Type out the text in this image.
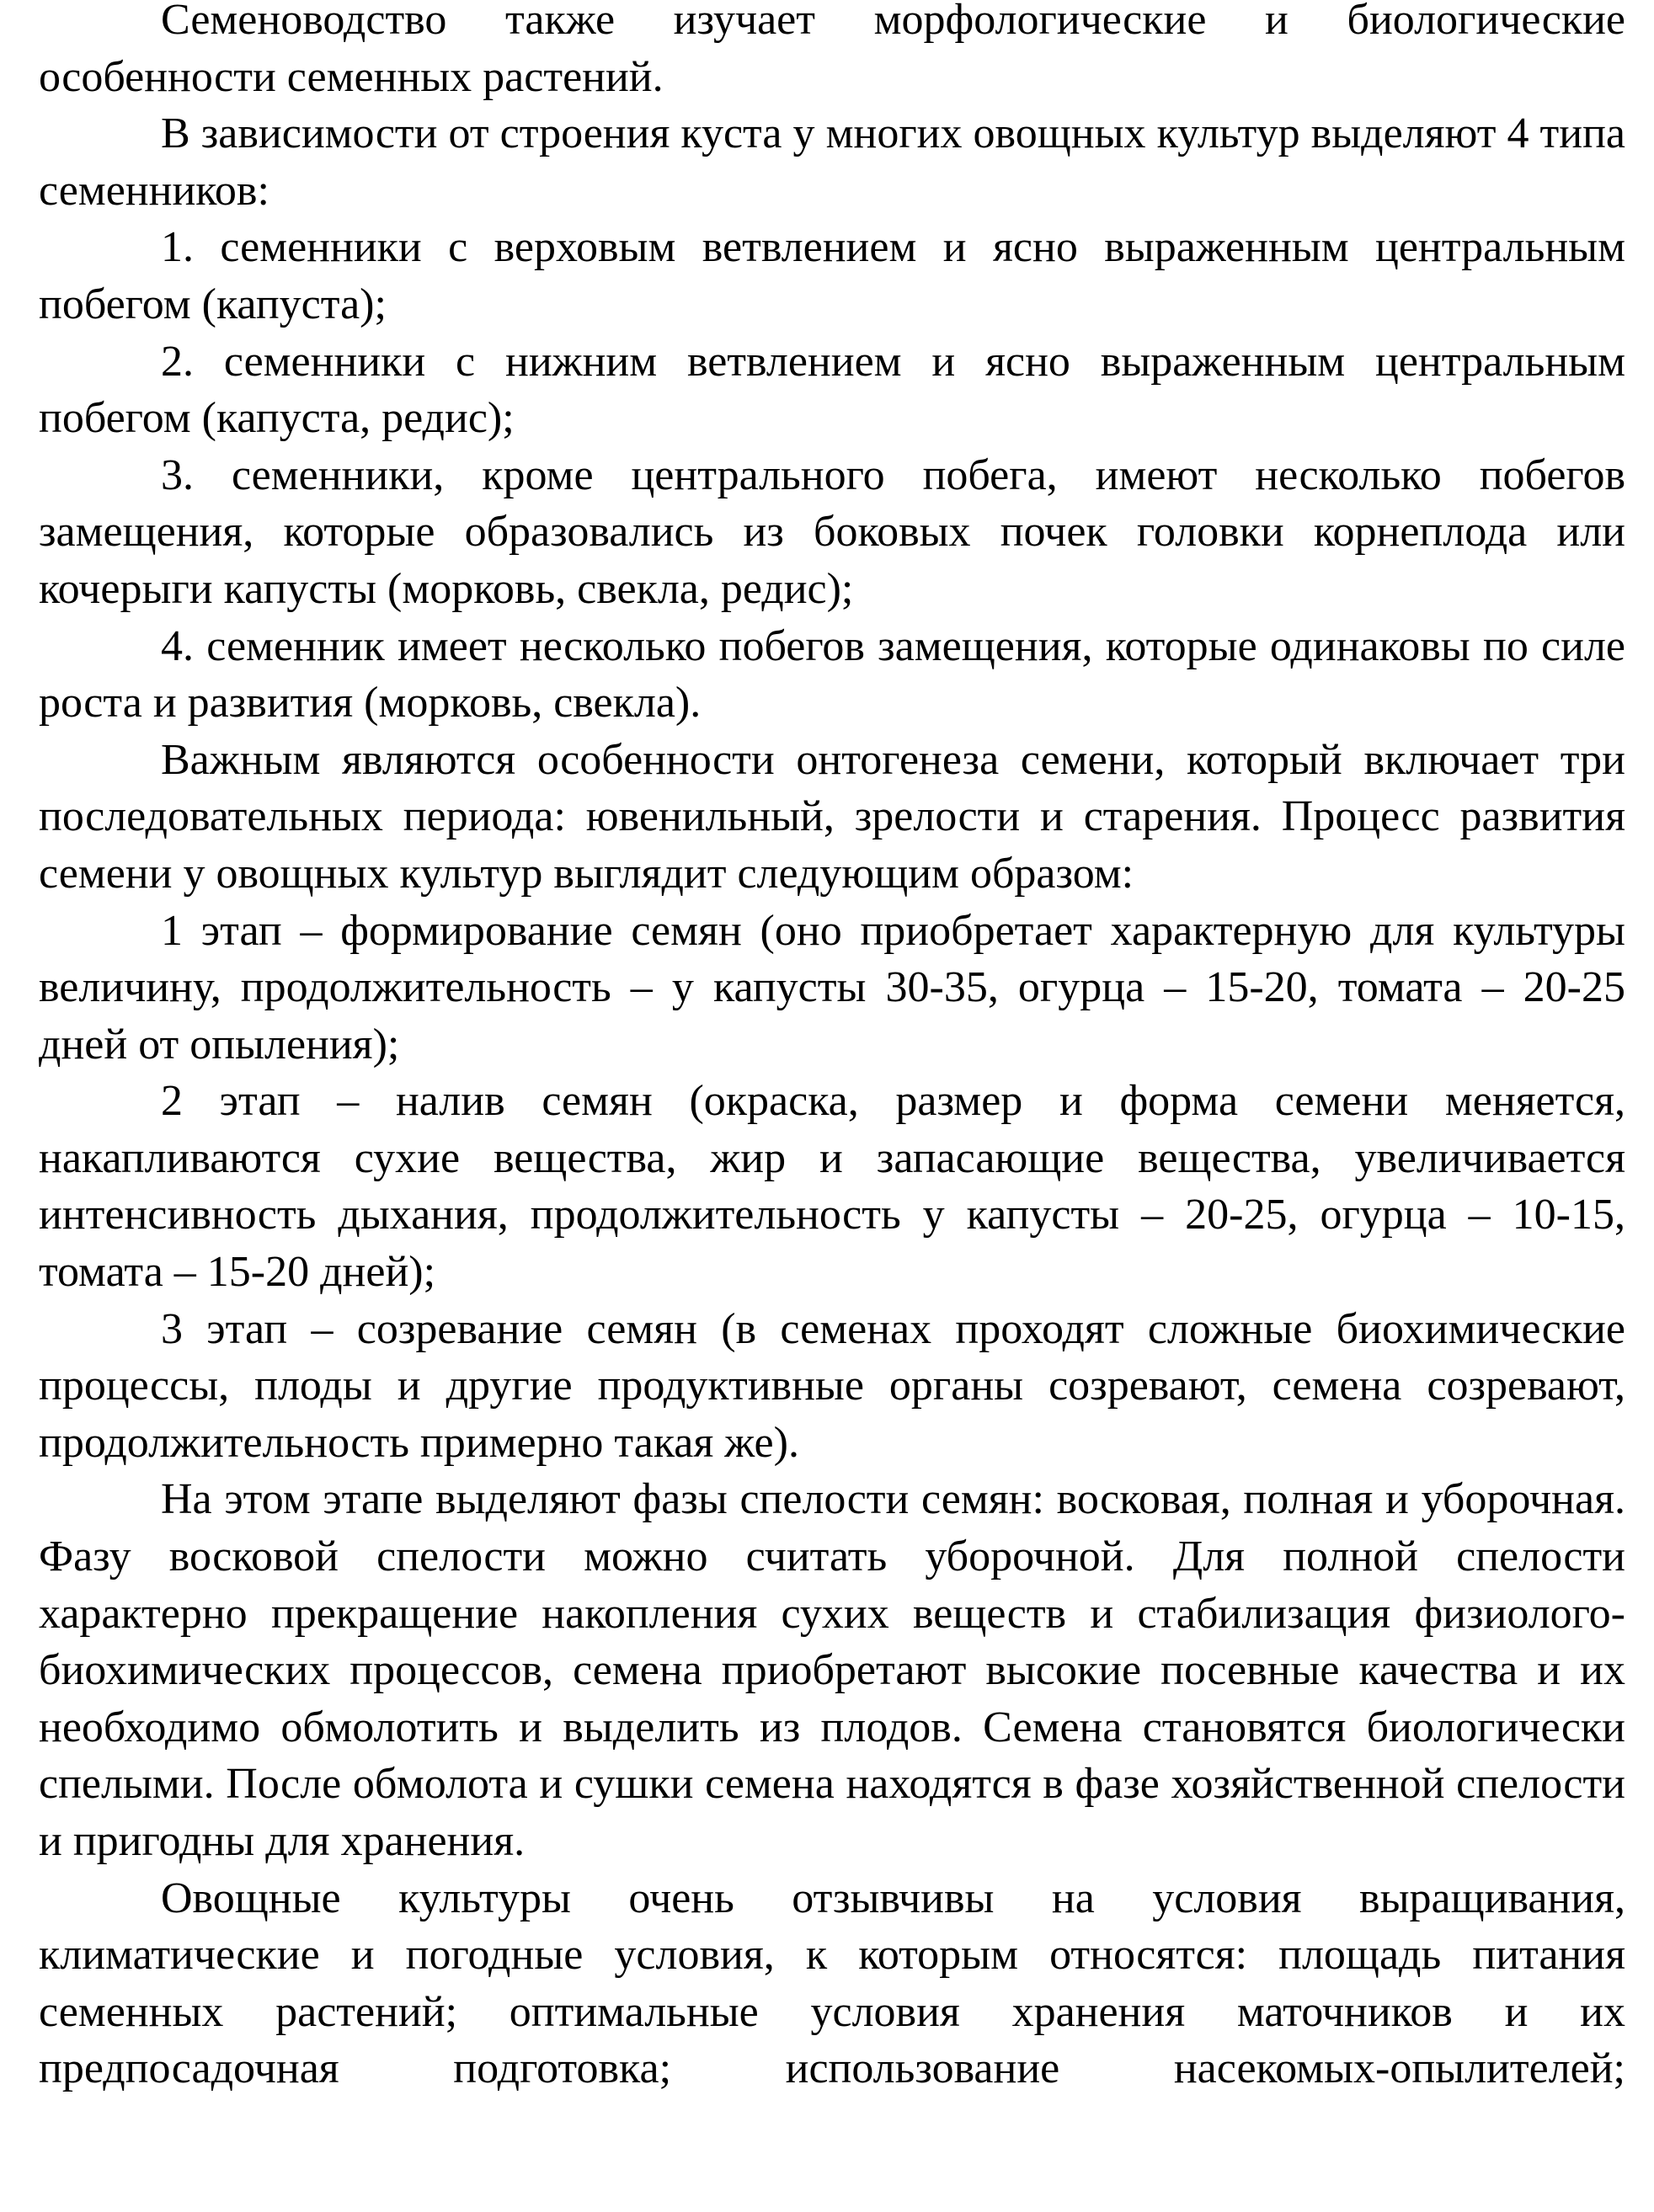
Семеноводство также изучает морфологические и биологические особенности семенных растений.

В зависимости от строения куста у многих овощных культур выделяют 4 типа семенников:

1. семенники с верховым ветвлением и ясно выраженным центральным побегом (капуста);

2. семенники с нижним ветвлением и ясно выраженным центральным побегом (капуста, редис);

3. семенники, кроме центрального побега, имеют несколько побегов замещения, которые образовались из боковых почек головки корнеплода или кочерыги капусты (морковь, свекла, редис);

4. семенник имеет несколько побегов замещения, которые одинаковы по силе роста и развития (морковь, свекла).

Важным являются особенности онтогенеза семени, который включает три последовательных периода: ювенильный, зрелости и старения. Процесс развития семени у овощных культур выглядит следующим образом:

1 этап – формирование семян (оно приобретает характерную для культуры величину, продолжительность – у капусты 30-35, огурца – 15-20, томата – 20-25 дней от опыления);

2 этап – налив семян (окраска, размер и форма семени меняется, накапливаются сухие вещества, жир и запасающие вещества, увеличивается интенсивность дыхания, продолжительность у капусты – 20-25, огурца – 10-15, томата – 15-20 дней);

3 этап – созревание семян (в семенах проходят сложные биохимические процессы, плоды и другие продуктивные органы созревают, семена созревают, продолжительность примерно такая же).

На этом этапе выделяют фазы спелости семян: восковая, полная и уборочная. Фазу восковой спелости можно считать уборочной. Для полной спелости характерно прекращение накопления сухих веществ и стабилизация физиолого-биохимических процессов, семена приобретают высокие посевные качества и их необходимо обмолотить и выделить из плодов. Семена становятся биологически спелыми. После обмолота и сушки семена находятся в фазе хозяйственной спелости и пригодны для хранения.

Овощные культуры очень отзывчивы на условия выращивания, климатические и погодные условия, к которым относятся: площадь питания семенных растений; оптимальные условия хранения маточников и их предпосадочная подготовка; использование насекомых-опылителей;
